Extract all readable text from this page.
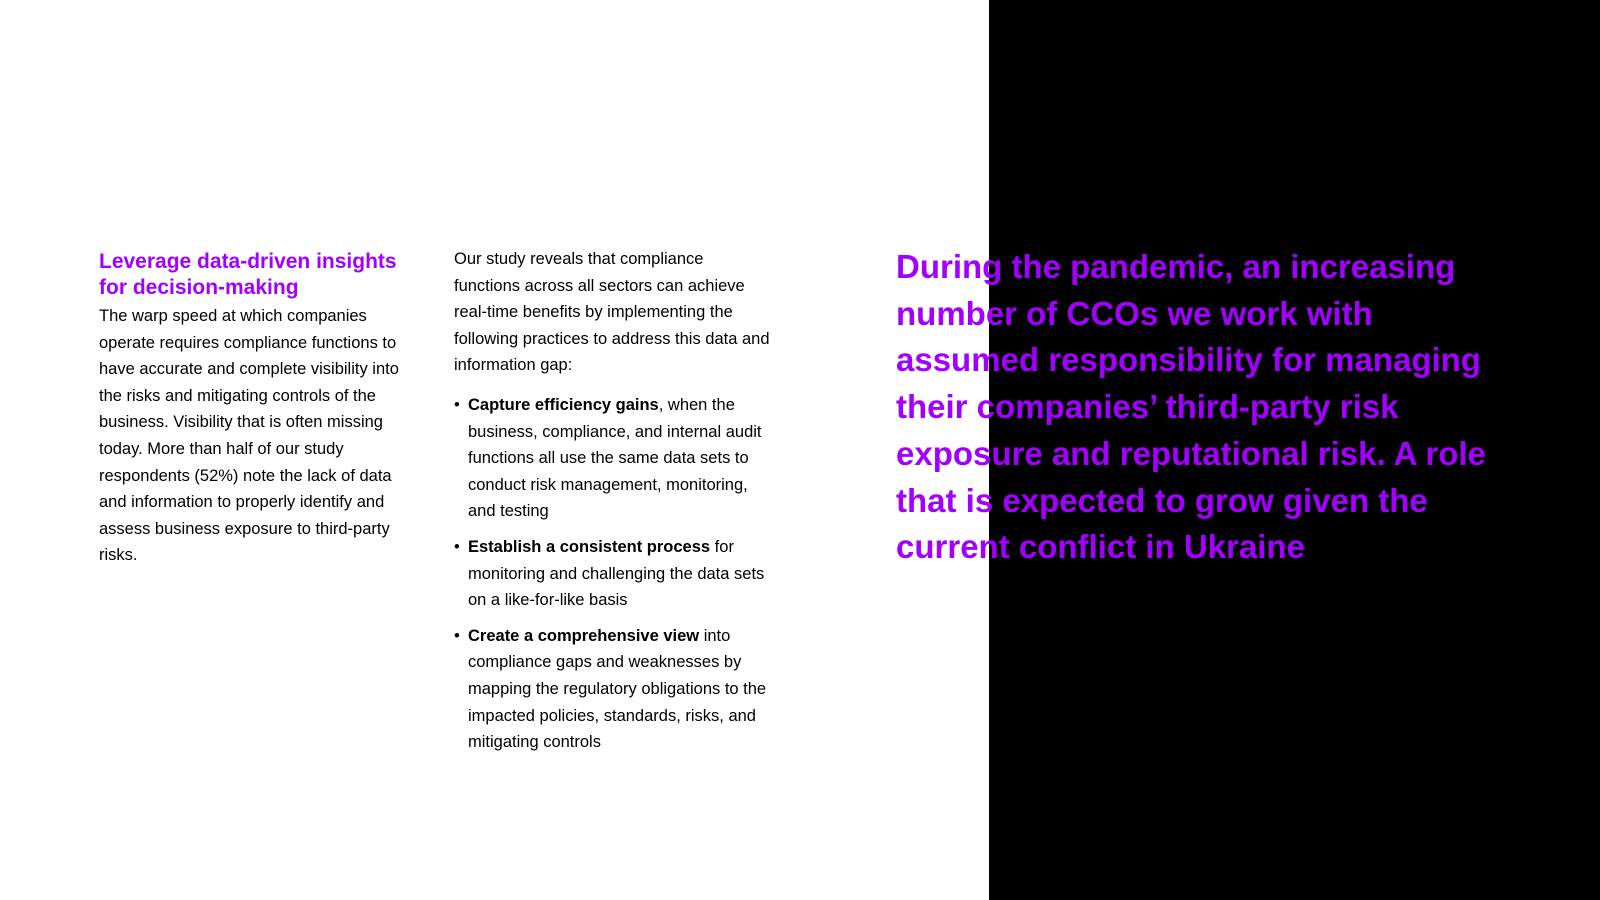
Leverage data-driven insights for decision-making

The warp speed at which companies operate requires compliance functions to have accurate and complete visibility into the risks and mitigating controls of the business. Visibility that is often missing today. More than half of our study respondents (52%) note the lack of data and information to properly identify and assess business exposure to third-party risks.

Our study reveals that compliance functions across all sectors can achieve real-time benefits by implementing the following practices to address this data and information gap:

• Capture efficiency gains, when the business, compliance, and internal audit functions all use the same data sets to conduct risk management, monitoring, and testing
• Establish a consistent process for monitoring and challenging the data sets on a like-for-like basis
• Create a comprehensive view into compliance gaps and weaknesses by mapping the regulatory obligations to the impacted policies, standards, risks, and mitigating controls

During the pandemic, an increasing number of CCOs we work with assumed responsibility for managing their companies’ third-party risk exposure and reputational risk. A role that is expected to grow given the current conflict in Ukraine
